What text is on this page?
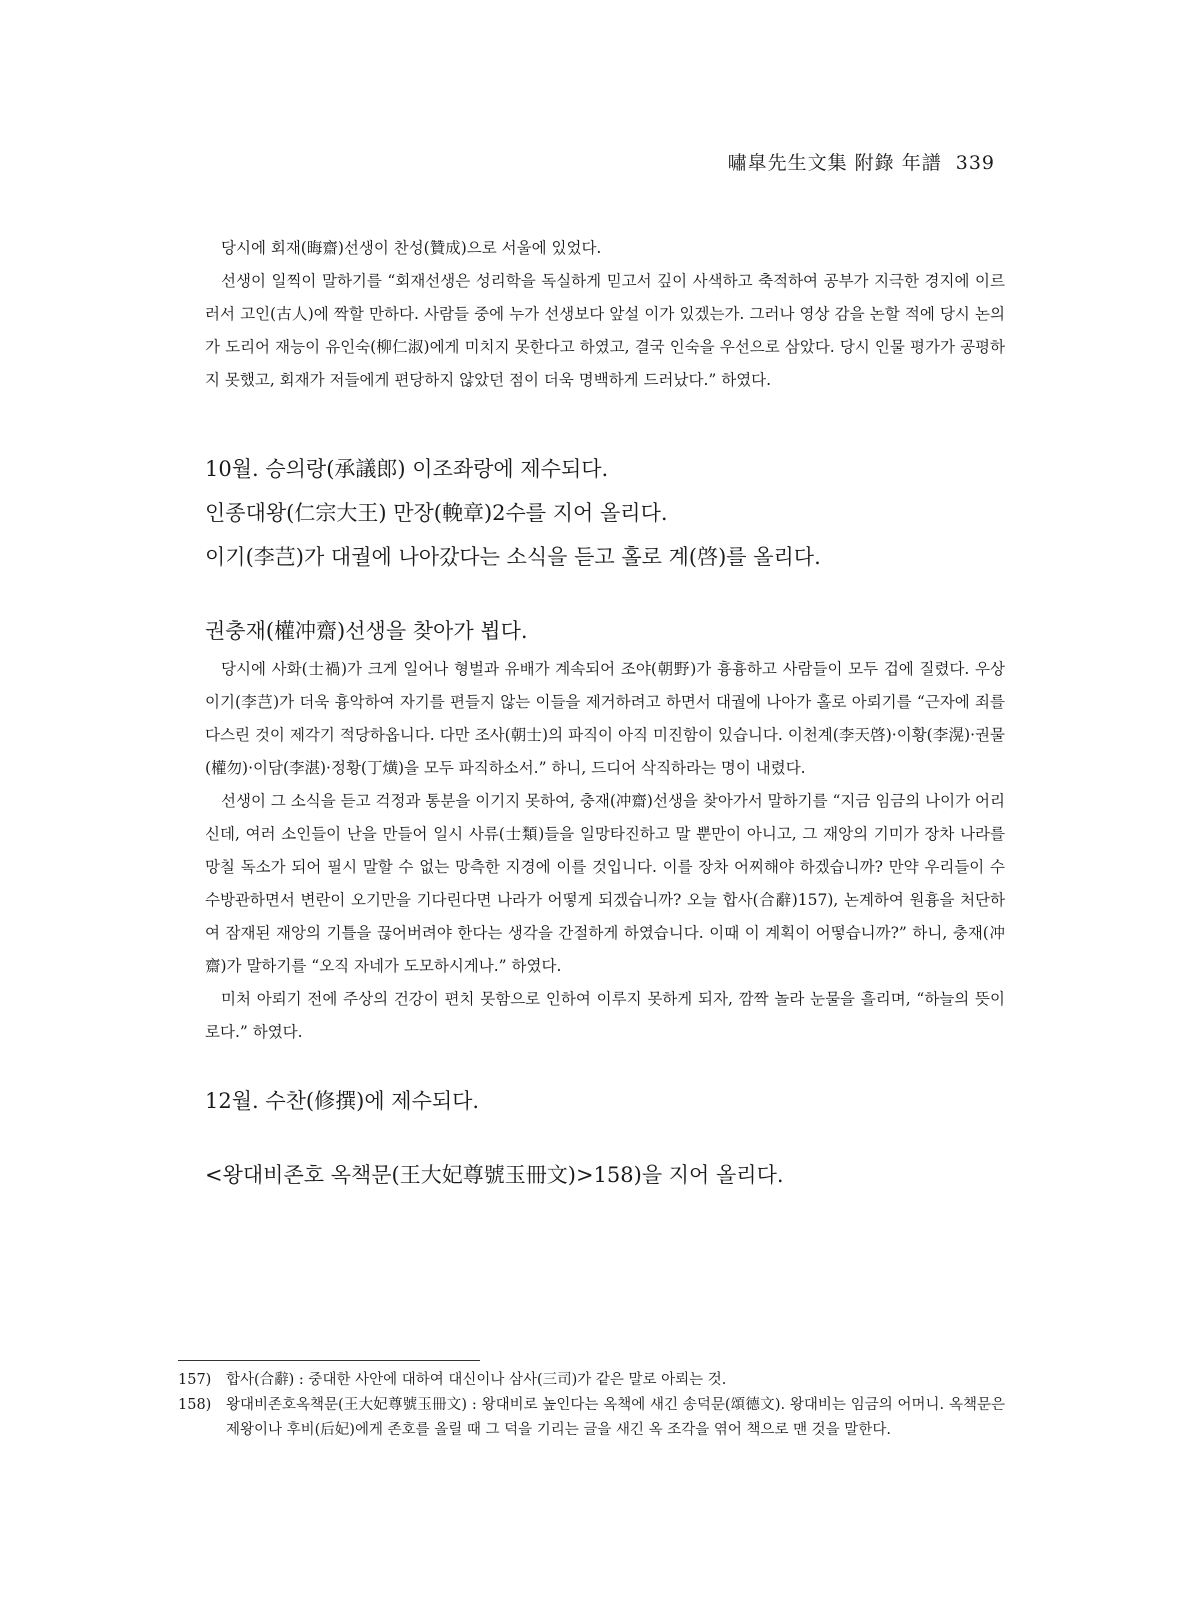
嘯皐先生文集 附錄 年譜 339

당시에 회재(晦齋)선생이 찬성(贊成)으로 서울에 있었다.

선생이 일찍이 말하기를 “회재선생은 성리학을 독실하게 믿고서 깊이 사색하고 축적하여 공부가 지극한 경지에 이르러서 고인(古人)에 짝할 만하다. 사람들 중에 누가 선생보다 앞설 이가 있겠는가. 그러나 영상 감을 논할 적에 당시 논의가 도리어 재능이 유인숙(柳仁淑)에게 미치지 못한다고 하였고, 결국 인숙을 우선으로 삼았다. 당시 인물 평가가 공평하지 못했고, 회재가 저들에게 편당하지 않았던 점이 더욱 명백하게 드러났다.” 하였다.

10월. 승의랑(承議郎) 이조좌랑에 제수되다.

인종대왕(仁宗大王) 만장(輓章)2수를 지어 올리다.

이기(李芑)가 대궐에 나아갔다는 소식을 듣고 홀로 계(啓)를 올리다.

권충재(權冲齋)선생을 찾아가 뵙다.

당시에 사화(士禍)가 크게 일어나 형벌과 유배가 계속되어 조야(朝野)가 흉흉하고 사람들이 모두 겁에 질렸다. 우상 이기(李芑)가 더욱 흉악하여 자기를 편들지 않는 이들을 제거하려고 하면서 대궐에 나아가 홀로 아뢰기를 “근자에 죄를 다스린 것이 제각기 적당하옵니다. 다만 조사(朝士)의 파직이 아직 미진함이 있습니다. 이천계(李天啓)·이황(李滉)·권물(權勿)·이담(李湛)·정황(丁熿)을 모두 파직하소서.” 하니, 드디어 삭직하라는 명이 내렸다.

선생이 그 소식을 듣고 걱정과 통분을 이기지 못하여, 충재(冲齋)선생을 찾아가서 말하기를 “지금 임금의 나이가 어리신데, 여러 소인들이 난을 만들어 일시 사류(士類)들을 일망타진하고 말 뿐만이 아니고, 그 재앙의 기미가 장차 나라를 망칠 독소가 되어 필시 말할 수 없는 망측한 지경에 이를 것입니다. 이를 장차 어찌해야 하겠습니까? 만약 우리들이 수수방관하면서 변란이 오기만을 기다린다면 나라가 어떻게 되겠습니까? 오늘 합사(合辭)157), 논계하여 원흉을 처단하여 잠재된 재앙의 기틀을 끊어버려야 한다는 생각을 간절하게 하였습니다. 이때 이 계획이 어떻습니까?” 하니, 충재(冲齋)가 말하기를 “오직 자네가 도모하시게나.” 하였다.

미처 아뢰기 전에 주상의 건강이 편치 못함으로 인하여 이루지 못하게 되자, 깜짝 놀라 눈물을 흘리며, “하늘의 뜻이로다.” 하였다.

12월. 수찬(修撰)에 제수되다.

<왕대비존호 옥책문(王大妃尊號玉冊文)>158)을 지어 올리다.

157)	합사(合辭) : 중대한 사안에 대하여 대신이나 삼사(三司)가 같은 말로 아뢰는 것.
158)	왕대비존호옥책문(王大妃尊號玉冊文) : 왕대비로 높인다는 옥책에 새긴 송덕문(頌德文). 왕대비는 임금의 어머니. 옥책문은 제왕이나 후비(后妃)에게 존호를 올릴 때 그 덕을 기리는 글을 새긴 옥 조각을 엮어 책으로 맨 것을 말한다.
